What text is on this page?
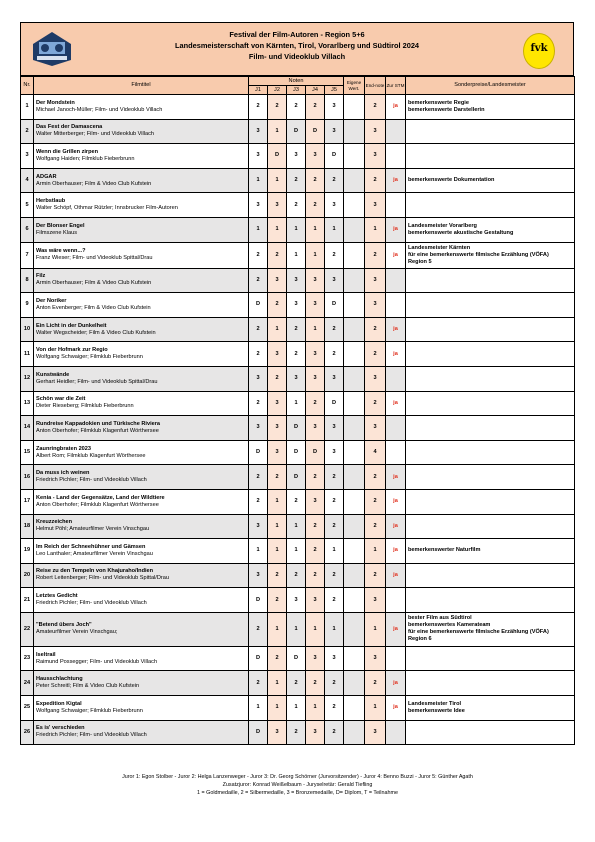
Festival der Film-Autoren - Region 5+6
Landesmeisterschaft von Kärnten, Tirol, Vorarlberg und Südtirol 2024
Film- und Videoklub Villach
fvk
Nr.	Filmtitel	Noten					Eigene Wert.	End-note	Zur STM	Sonderpreise/Landesmeister
		J1	J2	J3	J4	J5				
1	Der Mondstein
Michael Janoch-Müller; Film- und Videoklub Villach	2	2	2	2	3		2	ja	bemerkenswerte Regie
bemerkenswerte Darstellerin

2	Das Fest der Damascena
Walter Mitterberger; Film- und Videoklub Villach	3	1	D	D	3		3		
3	Wenn die Grillen zirpen
Wolfgang Haiden; Filmklub Fieberbrunn	3	D	3	3	D		3		
4	ADGAR
Armin Oberhauser; Film & Video Club Kufstein	1	1	2	2	2		2	ja	bemerkenswerte Dokumentation

5	Herbstlaub
Walter Schöpf, Othmar Rützler; Innsbrucker Film-Autoren	3	3	2	2	3		3		
6	Der Blonser Engel
Filmszene Klaus	1	1	1	1	1		1	ja	Landesmeister Vorarlberg
bemerkenswerte akustische Gestaltung

7	Was wäre wenn...?
Franz Wieser; Film- und Videoklub Spittal/Drau	2	2	1	1	2		2	ja	Landesmeister Kärnten
für eine bemerkenswerte filmische Erzählung (VÖFA)
Region 5

8	Filz
Armin Oberhauser; Film & Video Club Kufstein	2	3	3	3	3		3		
9	Der Noriker
Anton Evenberger; Film & Video Club Kufstein	D	2	3	3	D		3		
10	Ein Licht in der Dunkelheit
Walter Wegscheider; Film & Video Club Kufstein	2	1	2	1	2		2	ja	
11	Von der Hofmark zur Regio
Wolfgang Schwaiger; Filmklub Fieberbrunn	2	3	2	3	2		2	ja	
12	Kunstwände
Gerhart Heidler; Film- und Videoklub Spittal/Drau	3	2	3	3	3		3		
13	Schön war die Zeit
Dieter Rieseberg; Filmklub Fieberbrunn	2	3	1	2	D		2	ja	
14	Rundreise Kappadokien und Türkische Riviera
Anton Oberhofer; Filmklub Klagenfurt Wörthersee	3	3	D	3	3		3		
15	Zaunringbraten 2023
Albert Rom; Filmklub Klagenfurt Wörthersee	D	3	D	D	3		4		
16	Da muss ich weinen
Friedrich Pichler; Film- und Videoklub Villach	2	2	D	2	2		2	ja	
17	Kenia - Land der Gegensätze, Land der Wildtiere
Anton Oberhofer; Filmklub Klagenfurt Wörthersee	2	1	2	3	2		2	ja	
18	Kreuzzeichen
Helmut Pöhl; Amateurfilmer Verein Vinschgau	3	1	1	2	2		2	ja	
19	Im Reich der Schneehühner und Gämsen
Leo Lanthaler; Amateurfilmer Verein Vinschgau	1	1	1	2	1		1	ja	bemerkenswerter Naturfilm

20	Reise zu den Tempeln von Khajuraho/Indien
Robert Leitenberger; Film- und Videoklub Spittal/Drau	3	2	2	2	2		2	ja	
21	Letztes Gedicht
Friedrich Pichler; Film- und Videoklub Villach	D	2	3	3	2		3		
22	"Betend übers Joch"
Amateurfilmer Verein Vinschgau;	2	1	1	1	1		1	ja	bester Film aus Südtirol
bemerkenswertes Kamerateam
für eine bemerkenswerte filmische Erzählung (VÖFA)
Region 6

23	Iseltrail
Raimund Possegger; Film- und Videoklub Villach	D	2	D	3	3		3		
24	Hausschlachtung
Peter Schreitl; Film & Video Club Kufstein	2	1	2	2	2		2	ja	
25	Expedition Kigtal
Wolfgang Schwaiger; Filmklub Fieberbrunn	1	1	1	1	2		1	ja	Landesmeister Tirol
bemerkenswerte Idee

26	Es is' verschieden
Friedrich Pichler; Film- und Videoklub Villach	D	3	2	3	2		3		
Juror 1: Egon Stolber - Juror 2: Helga Lanzenweger - Juror 3: Dr. Georg Schörner (Jurvorsitzender) - Juror 4: Benno Buzzi - Juror 5: Günther Agath
Zusatzjuror: Konrad Weißelbaum - Juryselretär: Gerald Tiefling
1 = Goldmedaille, 2 = Silbermedaille, 3 = Bronzemedaille, D= Diplom, T = Teilnahme
